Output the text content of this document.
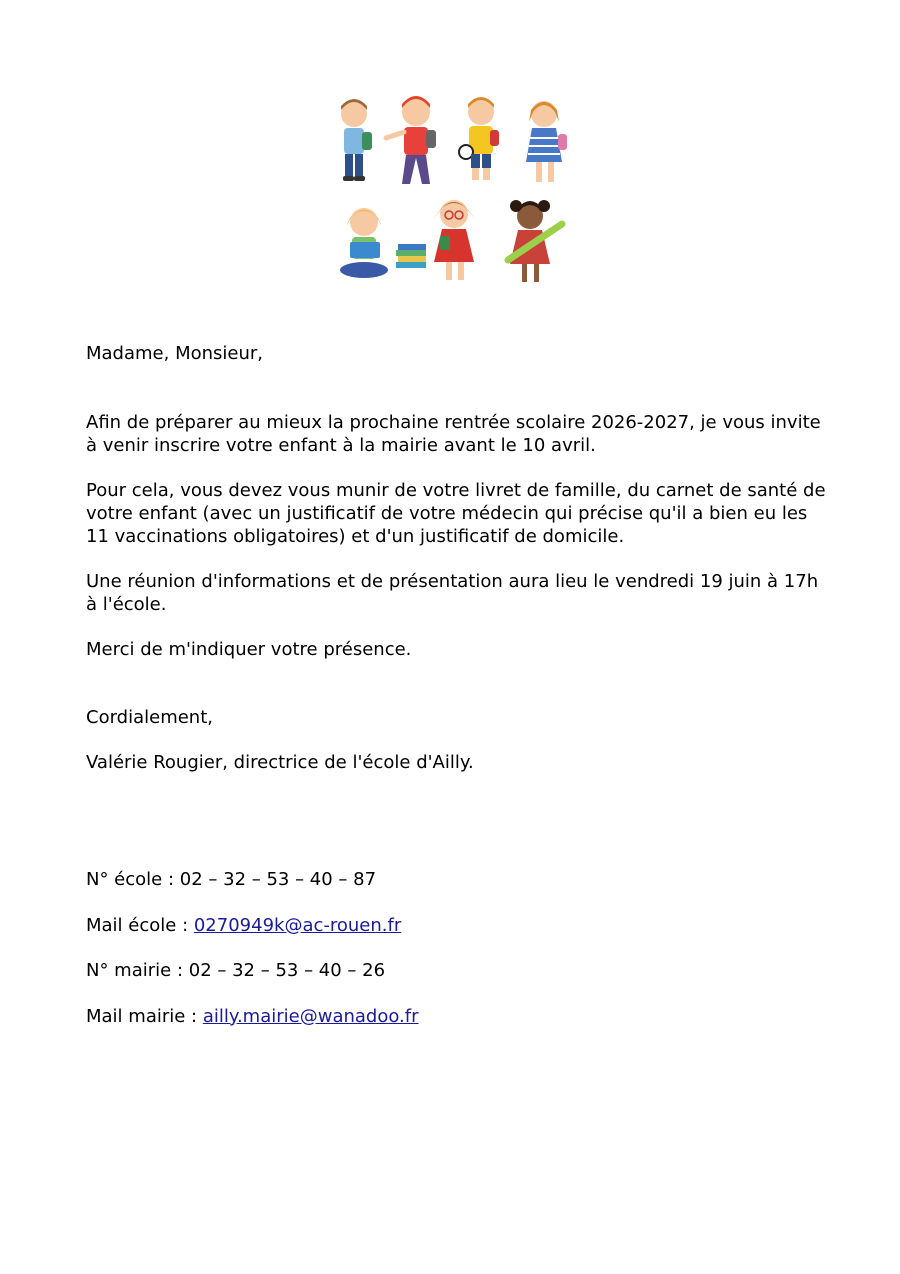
Madame, Monsieur,

Afin de préparer au mieux la prochaine rentrée scolaire 2026-2027, je vous invite à venir inscrire votre enfant à la mairie avant le 10 avril.

Pour cela, vous devez vous munir de votre livret de famille, du carnet de santé de votre enfant (avec un justificatif de votre médecin qui précise qu'il a bien eu les 11 vaccinations obligatoires) et d'un justificatif de domicile.

Une réunion d'informations et de présentation aura lieu le vendredi 19 juin à 17h à l'école.

Merci de m'indiquer votre présence.

Cordialement,

Valérie Rougier, directrice de l'école d'Ailly.

N° école : 02 – 32 – 53 – 40 – 87

Mail école : 0270949k@ac-rouen.fr

N° mairie : 02 – 32 – 53 – 40 – 26

Mail mairie : ailly.mairie@wanadoo.fr
